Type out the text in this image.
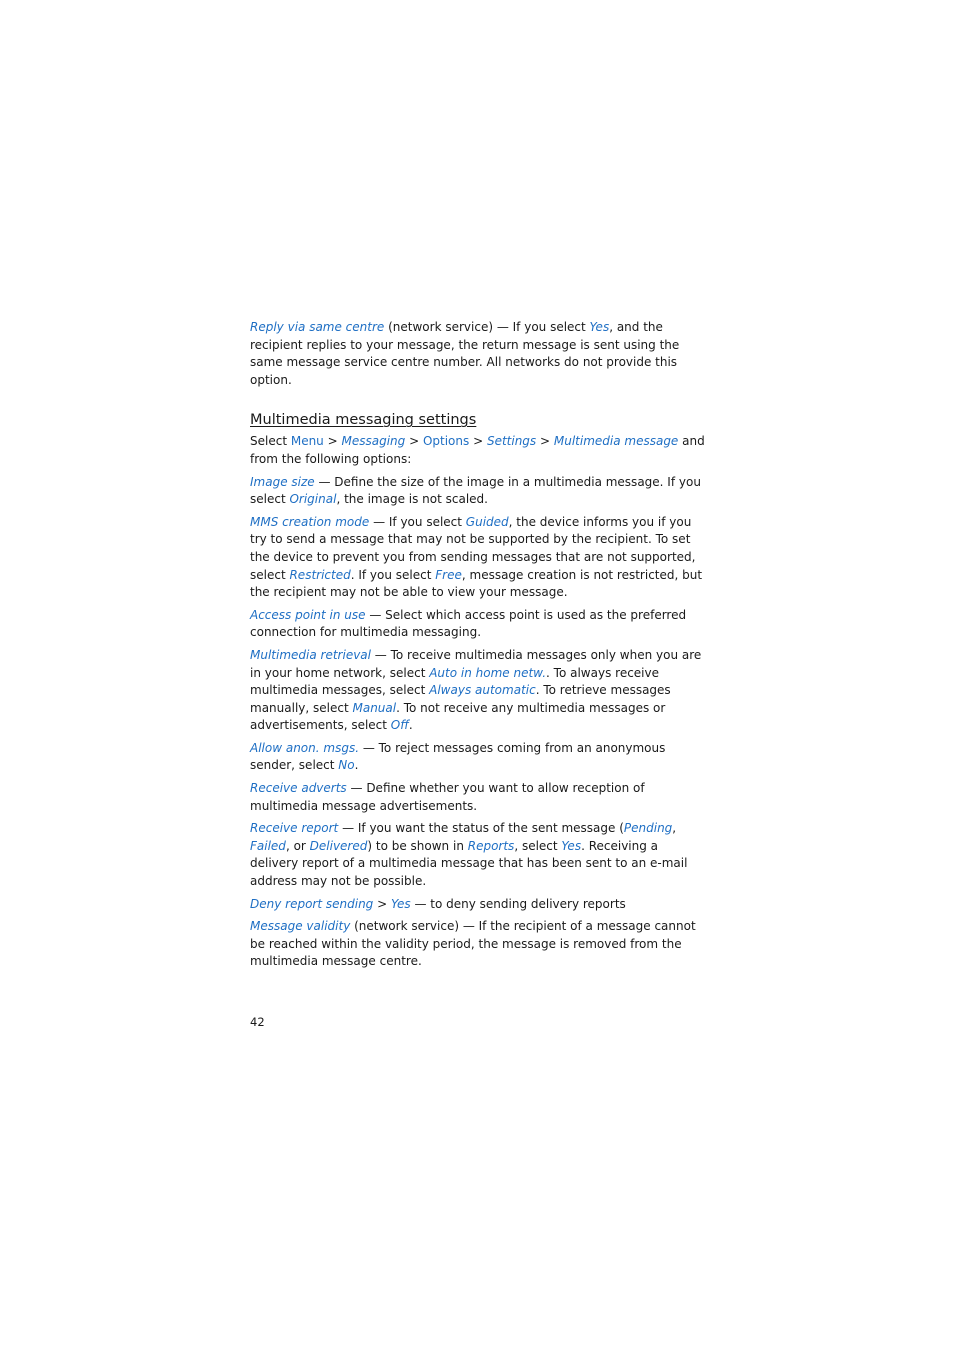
Reply via same centre (network service) — If you select Yes, and the recipient replies to your message, the return message is sent using the same message service centre number. All networks do not provide this option.

Multimedia messaging settings

Select Menu > Messaging > Options > Settings > Multimedia message and from the following options:

Image size — Define the size of the image in a multimedia message. If you select Original, the image is not scaled.

MMS creation mode — If you select Guided, the device informs you if you try to send a message that may not be supported by the recipient. To set the device to prevent you from sending messages that are not supported, select Restricted. If you select Free, message creation is not restricted, but the recipient may not be able to view your message.

Access point in use — Select which access point is used as the preferred connection for multimedia messaging.

Multimedia retrieval — To receive multimedia messages only when you are in your home network, select Auto in home netw.. To always receive multimedia messages, select Always automatic. To retrieve messages manually, select Manual. To not receive any multimedia messages or advertisements, select Off.

Allow anon. msgs. — To reject messages coming from an anonymous sender, select No.

Receive adverts — Define whether you want to allow reception of multimedia message advertisements.

Receive report — If you want the status of the sent message (Pending, Failed, or Delivered) to be shown in Reports, select Yes. Receiving a delivery report of a multimedia message that has been sent to an e-mail address may not be possible.

Deny report sending > Yes — to deny sending delivery reports

Message validity (network service) — If the recipient of a message cannot be reached within the validity period, the message is removed from the multimedia message centre.

42
